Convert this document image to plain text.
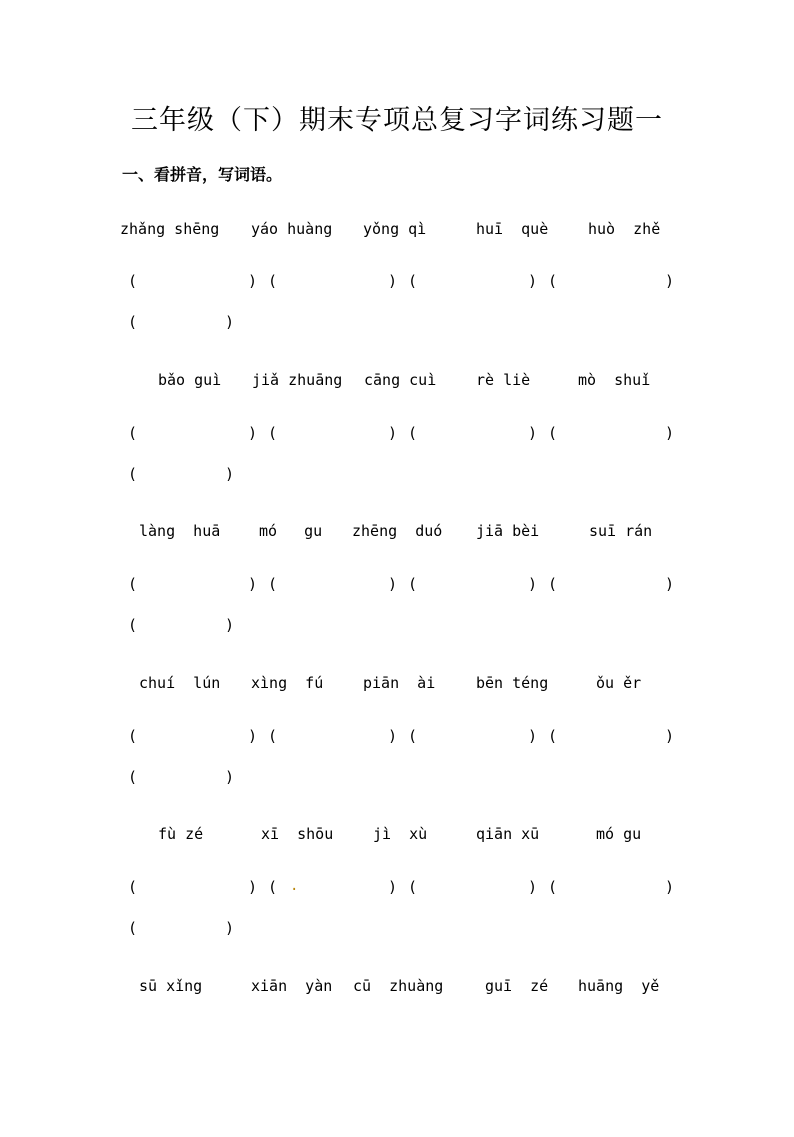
三年级（下）期末专项总复习字词练习题一
一、看拼音，写词语。
zhǎng shēng yáo huàng yǒng qì	huī  què	huò  zhě
(	) (	) (	) (	)
(	)
bǎo guì jiǎ zhuāng cāng cuì	rè liè	mò  shuǐ
(	) (	) (	) (	)
(	)
làng  huā	mó   gu zhēng  duó jiā bèi	suī rán
(	) (	) (	) (	)
(	)
chuí  lún xìng  fú	piān  ài	bēn téng	ǒu ěr
(	) (	) (	) (	)
(	)
fù zé	xī  shōu	jì  xù	qiān xū	mó gu
(	) ( .	) (	) (	)
(	)
sū xǐng	xiān  yàn cū  zhuàng	guī  zé huāng  yě
